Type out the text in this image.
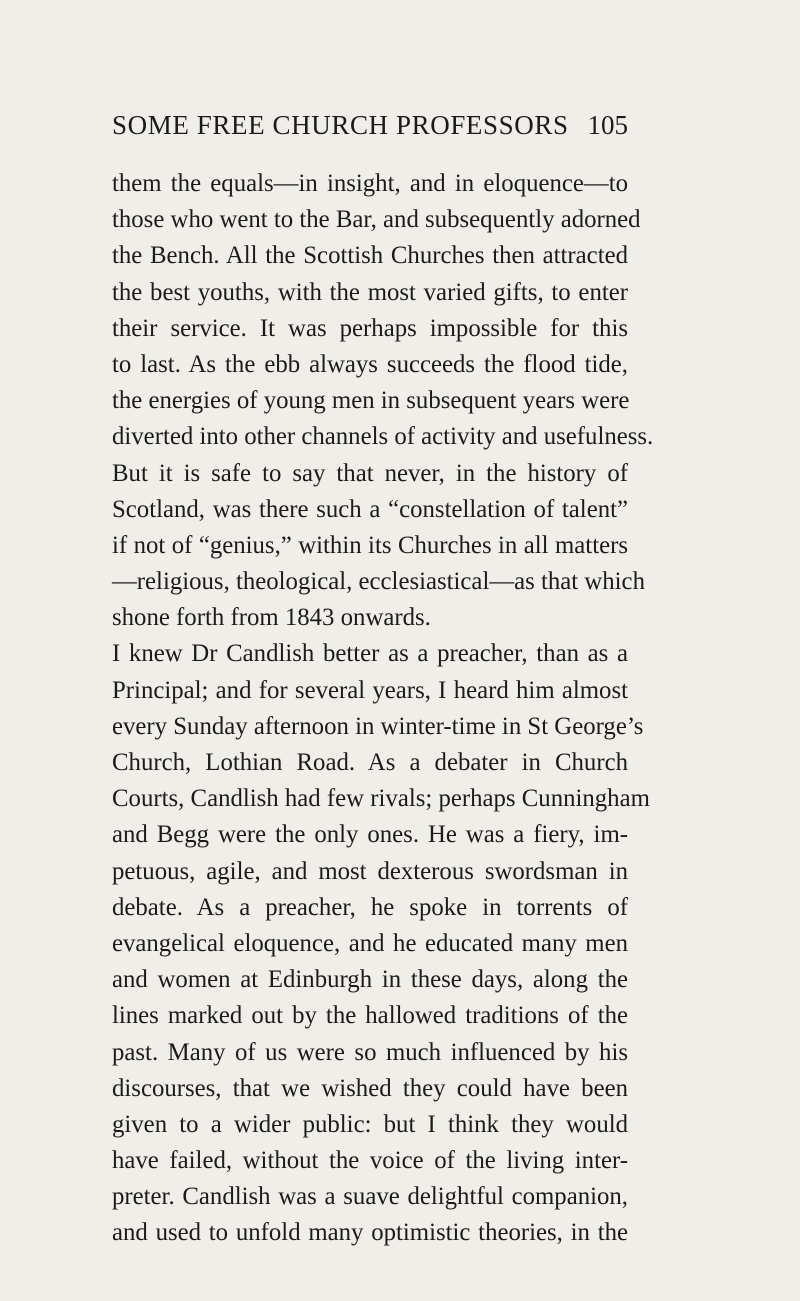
SOME FREE CHURCH PROFESSORS 105
them the equals—in insight, and in eloquence—to
those who went to the Bar, and subsequently adorned
the Bench. All the Scottish Churches then attracted
the best youths, with the most varied gifts, to enter
their service. It was perhaps impossible for this
to last. As the ebb always succeeds the flood tide,
the energies of young men in subsequent years were
diverted into other channels of activity and usefulness.
But it is safe to say that never, in the history of
Scotland, was there such a “constellation of talent”
if not of “genius,” within its Churches in all matters
—religious, theological, ecclesiastical—as that which
shone forth from 1843 onwards.
I knew Dr Candlish better as a preacher, than as a
Principal; and for several years, I heard him almost
every Sunday afternoon in winter-time in St George’s
Church, Lothian Road. As a debater in Church
Courts, Candlish had few rivals; perhaps Cunningham
and Begg were the only ones. He was a fiery, im-
petuous, agile, and most dexterous swordsman in
debate. As a preacher, he spoke in torrents of
evangelical eloquence, and he educated many men
and women at Edinburgh in these days, along the
lines marked out by the hallowed traditions of the
past. Many of us were so much influenced by his
discourses, that we wished they could have been
given to a wider public: but I think they would
have failed, without the voice of the living inter-
preter. Candlish was a suave delightful companion,
and used to unfold many optimistic theories, in the
